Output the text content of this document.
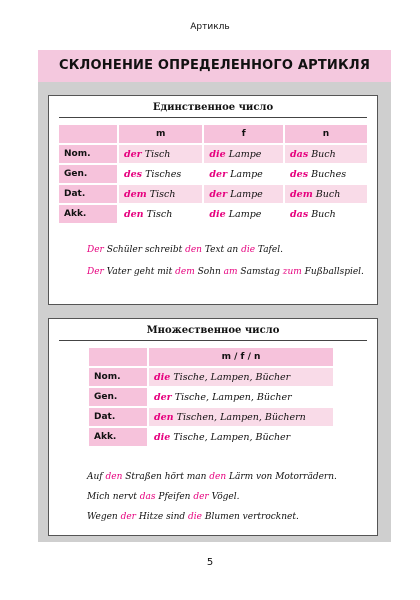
Артикль
СКЛОНЕНИЕ ОПРЕДЕЛЕННОГО АРТИКЛЯ
Единственное число
	m	f	n
Nom.	der Tisch	die Lampe	das Buch
Gen.	des Tisches	der Lampe	des Buches
Dat.	dem Tisch	der Lampe	dem Buch
Akk.	den Tisch	die Lampe	das Buch
Der Schüler schreibt den Text an die Tafel.
Der Vater geht mit dem Sohn am Samstag zum Fußballspiel.
Множественное число
	m / f / n
Nom.	die Tische, Lampen, Bücher
Gen.	der Tische, Lampen, Bücher
Dat.	den Tischen, Lampen, Büchern
Akk.	die Tische, Lampen, Bücher
Auf den Straßen hört man den Lärm von Motorrädern.
Mich nervt das Pfeifen der Vögel.
Wegen der Hitze sind die Blumen vertrocknet.
5
